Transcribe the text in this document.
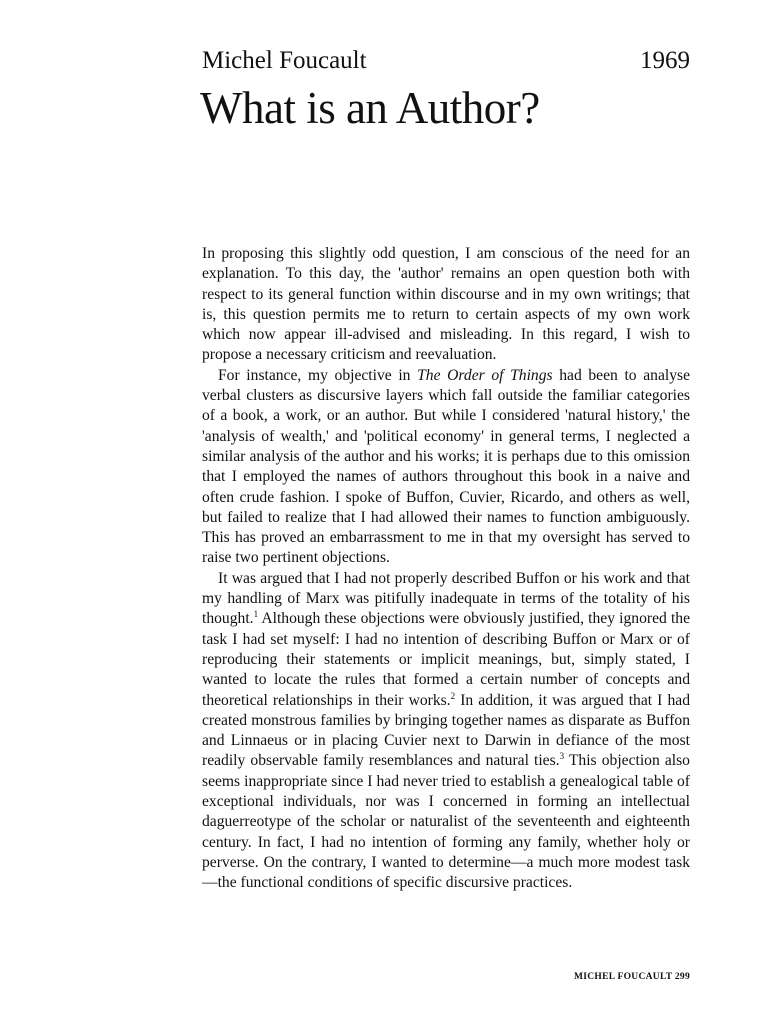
Michel Foucault	1969
What is an Author?

In proposing this slightly odd question, I am conscious of the need for an explanation. To this day, the 'author' remains an open question both with respect to its general function within discourse and in my own writings; that is, this question permits me to return to certain aspects of my own work which now appear ill-advised and misleading. In this regard, I wish to propose a necessary criticism and reevaluation.

For instance, my objective in The Order of Things had been to analyse verbal clusters as discursive layers which fall outside the familiar categories of a book, a work, or an author. But while I considered 'natural history,' the 'analysis of wealth,' and 'political economy' in general terms, I neglected a similar analysis of the author and his works; it is perhaps due to this omission that I employed the names of authors throughout this book in a naive and often crude fashion. I spoke of Buffon, Cuvier, Ricardo, and others as well, but failed to realize that I had allowed their names to function ambiguously. This has proved an embarrassment to me in that my oversight has served to raise two pertinent objections.

It was argued that I had not properly described Buffon or his work and that my handling of Marx was pitifully inadequate in terms of the totality of his thought.$^1$ Although these objections were obviously justified, they ignored the task I had set myself: I had no intention of describing Buffon or Marx or of reproducing their statements or implicit meanings, but, simply stated, I wanted to locate the rules that formed a certain number of concepts and theoretical relationships in their works.$^2$ In addition, it was argued that I had created monstrous families by bringing together names as disparate as Buffon and Linnaeus or in placing Cuvier next to Darwin in defiance of the most readily observable family resemblances and natural ties.$^3$ This objection also seems inappropriate since I had never tried to establish a genealogical table of exceptional individuals, nor was I concerned in forming an intellectual daguerreotype of the scholar or naturalist of the seventeenth and eighteenth century. In fact, I had no intention of forming any family, whether holy or perverse. On the contrary, I wanted to determine—a much more modest task—the functional conditions of specific discursive practices.

MICHEL FOUCAULT 299
